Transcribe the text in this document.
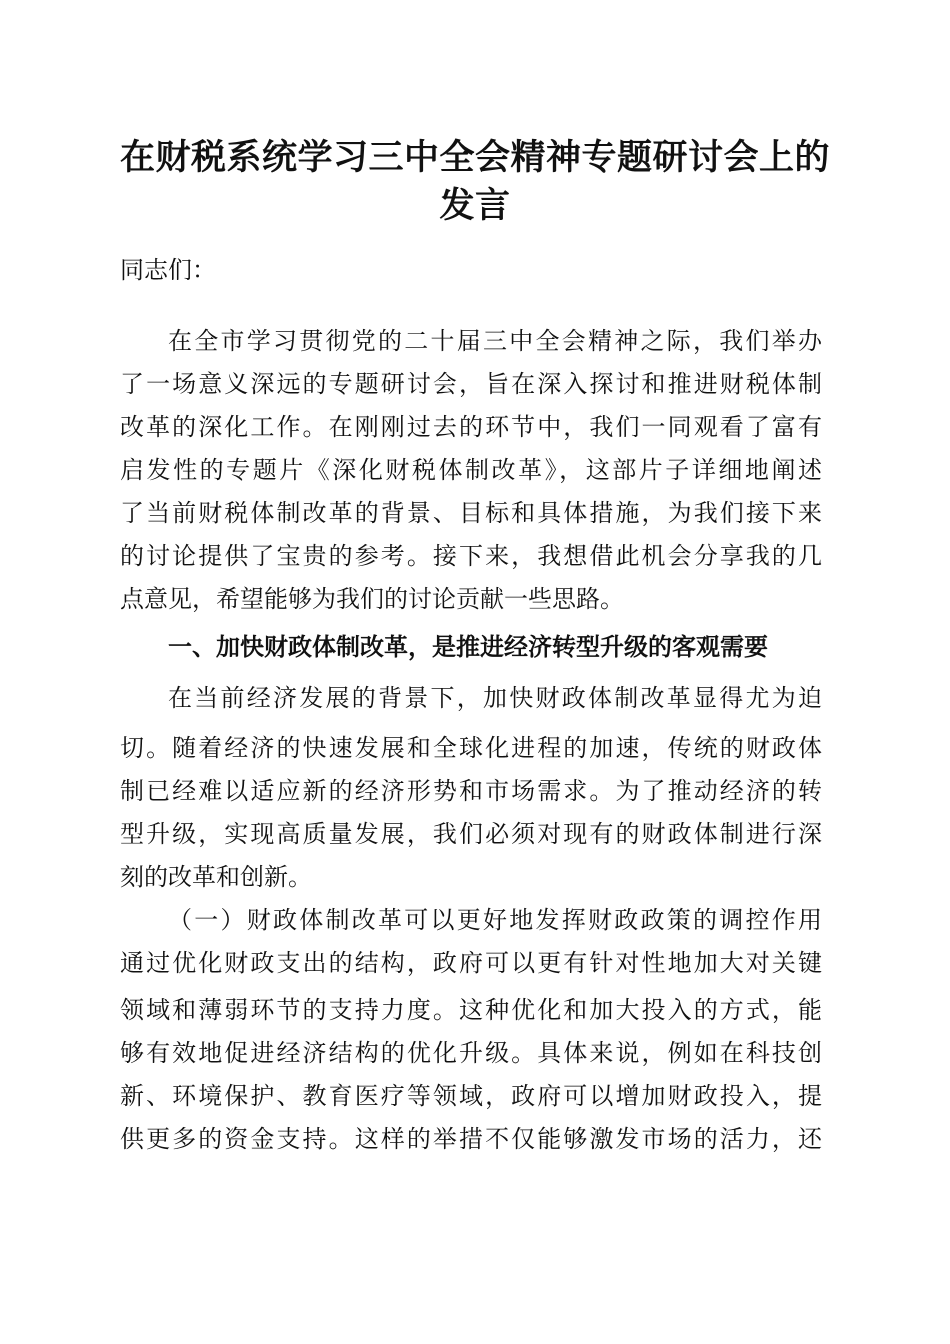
在财税系统学习三中全会精神专题研讨会上的
发言

同志们：

在全市学习贯彻党的二十届三中全会精神之际，我们举办

了一场意义深远的专题研讨会，旨在深入探讨和推进财税体制

改革的深化工作。在刚刚过去的环节中，我们一同观看了富有

启发性的专题片《深化财税体制改革》，这部片子详细地阐述

了当前财税体制改革的背景、目标和具体措施，为我们接下来

的讨论提供了宝贵的参考。接下来，我想借此机会分享我的几

点意见，希望能够为我们的讨论贡献一些思路。

一、加快财政体制改革，是推进经济转型升级的客观需要

在当前经济发展的背景下，加快财政体制改革显得尤为迫

切。随着经济的快速发展和全球化进程的加速，传统的财政体

制已经难以适应新的经济形势和市场需求。为了推动经济的转

型升级，实现高质量发展，我们必须对现有的财政体制进行深

刻的改革和创新。

（一）财政体制改革可以更好地发挥财政政策的调控作用

通过优化财政支出的结构，政府可以更有针对性地加大对关键

领域和薄弱环节的支持力度。这种优化和加大投入的方式，能

够有效地促进经济结构的优化升级。具体来说，例如在科技创

新、环境保护、教育医疗等领域，政府可以增加财政投入，提

供更多的资金支持。这样的举措不仅能够激发市场的活力，还
